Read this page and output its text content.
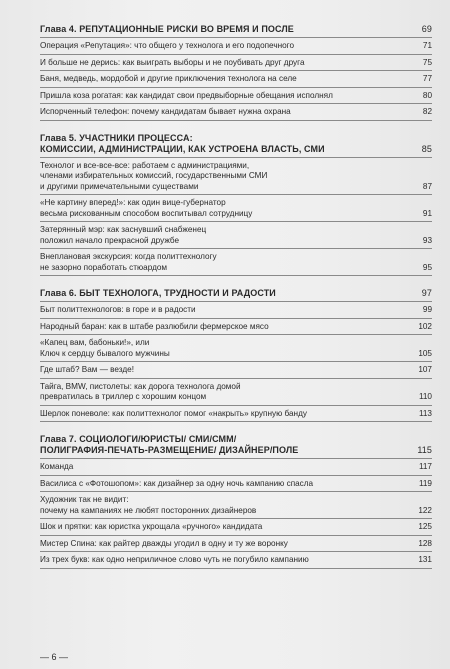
Глава 4. РЕПУТАЦИОННЫЕ РИСКИ ВО ВРЕМЯ И ПОСЛЕ	69
Операция «Репутация»: что общего у технолога и его подопечного	71
И больше не дерись: как выиграть выборы и не поубивать друг друга	75
Баня, медведь, мордобой и другие приключения технолога на селе	77
Пришла коза рогатая: как кандидат свои предвыборные обещания исполнял	80
Испорченный телефон: почему кандидатам бывает нужна охрана	82
Глава 5. УЧАСТНИКИ ПРОЦЕССА:
КОМИССИИ, АДМИНИСТРАЦИИ, КАК УСТРОЕНА ВЛАСТЬ, СМИ	85
Технолог и все-все-все: работаем с администрациями,
членами избирательных комиссий, государственными СМИ
и другими примечательными существами	87
«Не картину вперед!»: как один вице-губернатор
весьма рискованным способом воспитывал сотрудницу	91
Затерянный мэр: как заснувший снабженец
положил начало прекрасной дружбе	93
Внеплановая экскурсия: когда политтехнологу
не зазорно поработать стюардом	95
Глава 6. БЫТ ТЕХНОЛОГА, ТРУДНОСТИ И РАДОСТИ	97
Быт политтехнологов: в горе и в радости	99
Народный баран: как в штабе разлюбили фермерское мясо	102
«Капец вам, бабоньки!», или
Ключ к сердцу бывалого мужчины	105
Где штаб? Вам — везде!	107
Тайга, BMW, пистолеты: как дорога технолога домой
превратилась в триллер с хорошим концом	110
Шерлок поневоле: как политтехнолог помог «накрыть» крупную банду	113
Глава 7. СОЦИОЛОГИ/ЮРИСТЫ/ СМИ/СММ/
ПОЛИГРАФИЯ-ПЕЧАТЬ-РАЗМЕЩЕНИЕ/ ДИЗАЙНЕР/ПОЛЕ	115
Команда	117
Василиса с «Фотошопом»: как дизайнер за одну ночь кампанию спасла	119
Художник так не видит:
почему на кампаниях не любят посторонних дизайнеров	122
Шок и прятки: как юристка укрощала «ручного» кандидата	125
Мистер Спина: как райтер дважды угодил в одну и ту же воронку	128
Из трех букв: как одно неприличное слово чуть не погубило кампанию	131
— 6 —
